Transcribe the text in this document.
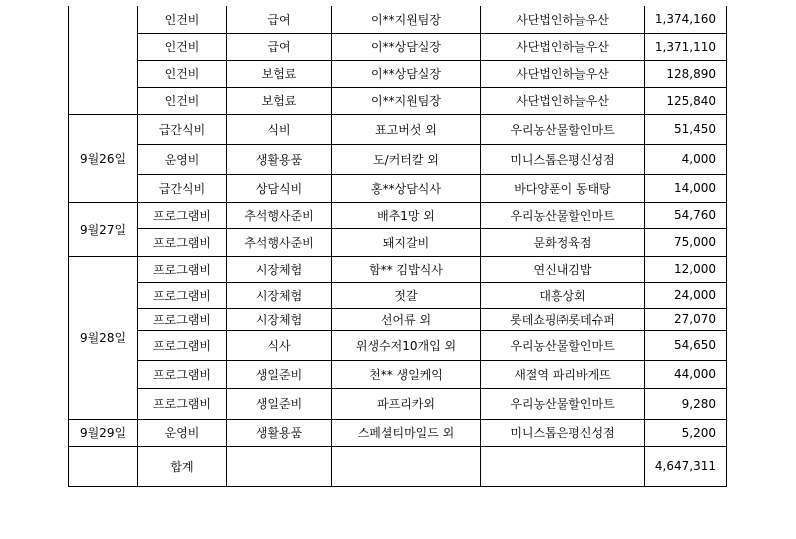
	인건비	급여	이**지원팀장	사단법인하늘우산	1,374,160
	인건비	급여	이**상담실장	사단법인하늘우산	1,371,110
	인건비	보험료	이**상담실장	사단법인하늘우산	128,890
	인건비	보험료	이**지원팀장	사단법인하늘우산	125,840
9월26일	급간식비	식비	표고버섯 외	우리농산물할인마트	51,450
	운영비	생활용품	도/커터칼 외	미니스톱은평신성점	4,000
	급간식비	상담식비	홍**상담식사	바다양푼이 동태탕	14,000
9월27일	프로그램비	추석행사준비	배추1망 외	우리농산물할인마트	54,760
	프로그램비	추석행사준비	돼지갈비	문화정육점	75,000
9월28일	프로그램비	시장체험	함** 김밥식사	연신내김밥	12,000
	프로그램비	시장체험	젓갈	대흥상회	24,000
	프로그램비	시장체험	선어류 외	롯데쇼핑㈜롯데슈퍼	27,070
	프로그램비	식사	위생수저10개입 외	우리농산물할인마트	54,650
	프로그램비	생일준비	천** 생일케익	새절역 파리바게뜨	44,000
	프로그램비	생일준비	파프리카외	우리농산물할인마트	9,280
9월29일	운영비	생활용품	스페셜티마일드 외	미니스톱은평신성점	5,200
	합계				4,647,311
